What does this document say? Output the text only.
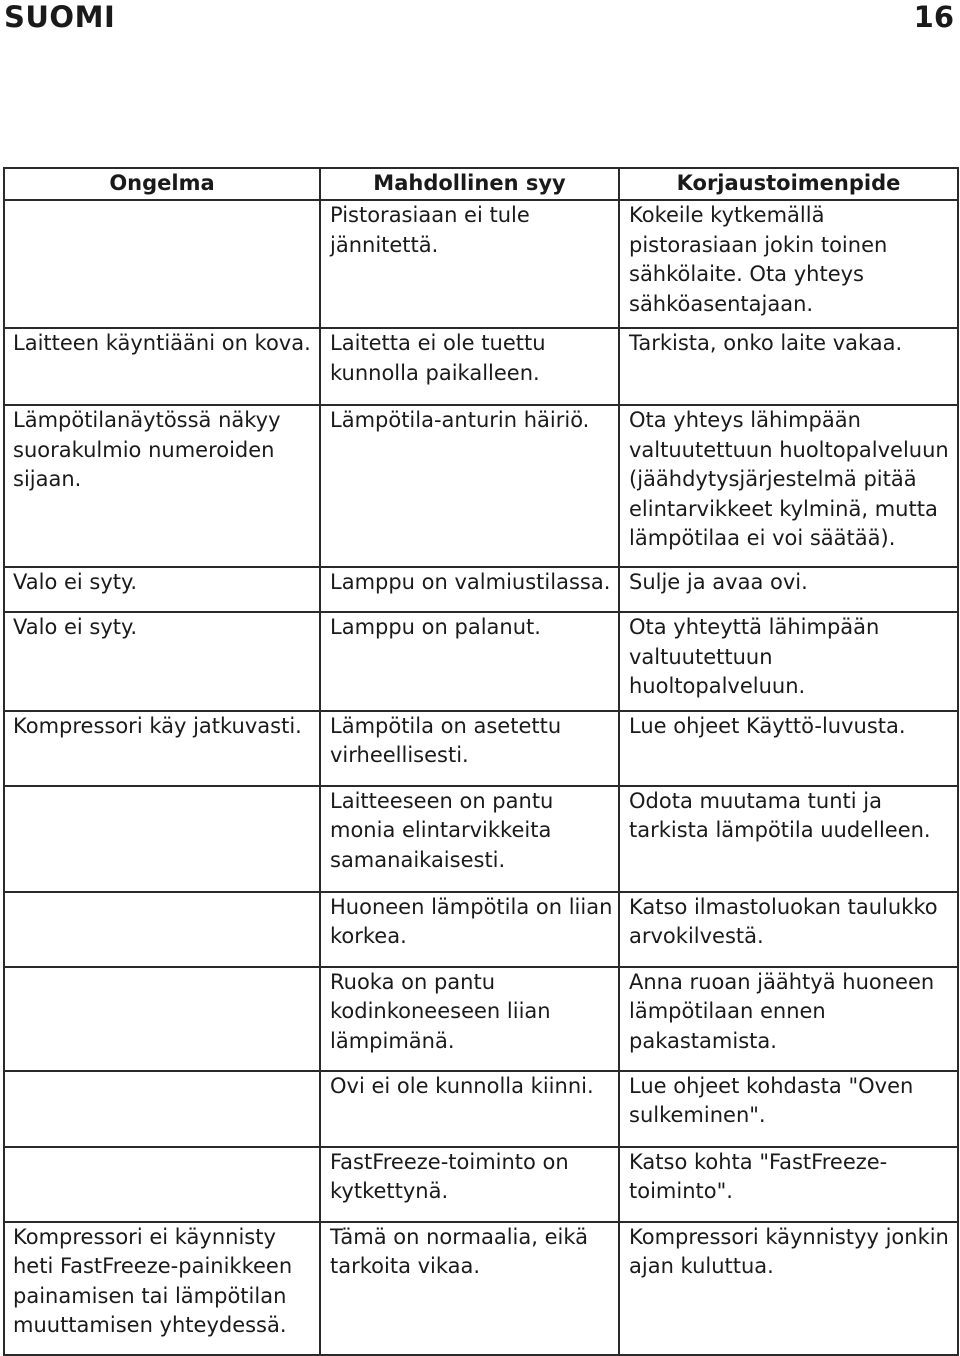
SUOMI	16
Ongelma	Mahdollinen syy	Korjaustoimenpide
	Pistorasiaan ei tule jännitettä.	Kokeile kytkemällä pistorasiaan jokin toinen sähkölaite. Ota yhteys sähköasentajaan.
Laitteen käyntiääni on kova.	Laitetta ei ole tuettu kunnolla paikalleen.	Tarkista, onko laite vakaa.
Lämpötilanäytössä näkyy suorakulmio numeroiden sijaan.	Lämpötila-anturin häiriö.	Ota yhteys lähimpään valtuutettuun huoltopalveluun (jäähdytysjärjestelmä pitää elintarvikkeet kylminä, mutta lämpötilaa ei voi säätää).
Valo ei syty.	Lamppu on valmiustilassa.	Sulje ja avaa ovi.
Valo ei syty.	Lamppu on palanut.	Ota yhteyttä lähimpään valtuutettuun huoltopalveluun.
Kompressori käy jatkuvasti.	Lämpötila on asetettu virheellisesti.	Lue ohjeet Käyttö-luvusta.
	Laitteeseen on pantu monia elintarvikkeita samanaikaisesti.	Odota muutama tunti ja tarkista lämpötila uudelleen.
	Huoneen lämpötila on liian korkea.	Katso ilmastoluokan taulukko arvokilvestä.
	Ruoka on pantu kodinkoneeseen liian lämpimänä.	Anna ruoan jäähtyä huoneen lämpötilaan ennen pakastamista.
	Ovi ei ole kunnolla kiinni.	Lue ohjeet kohdasta "Oven sulkeminen".
	FastFreeze-toiminto on kytkettynä.	Katso kohta "FastFreeze-toiminto".
Kompressori ei käynnisty heti FastFreeze-painikkeen painamisen tai lämpötilan muuttamisen yhteydessä.	Tämä on normaalia, eikä tarkoita vikaa.	Kompressori käynnistyy jonkin ajan kuluttua.
